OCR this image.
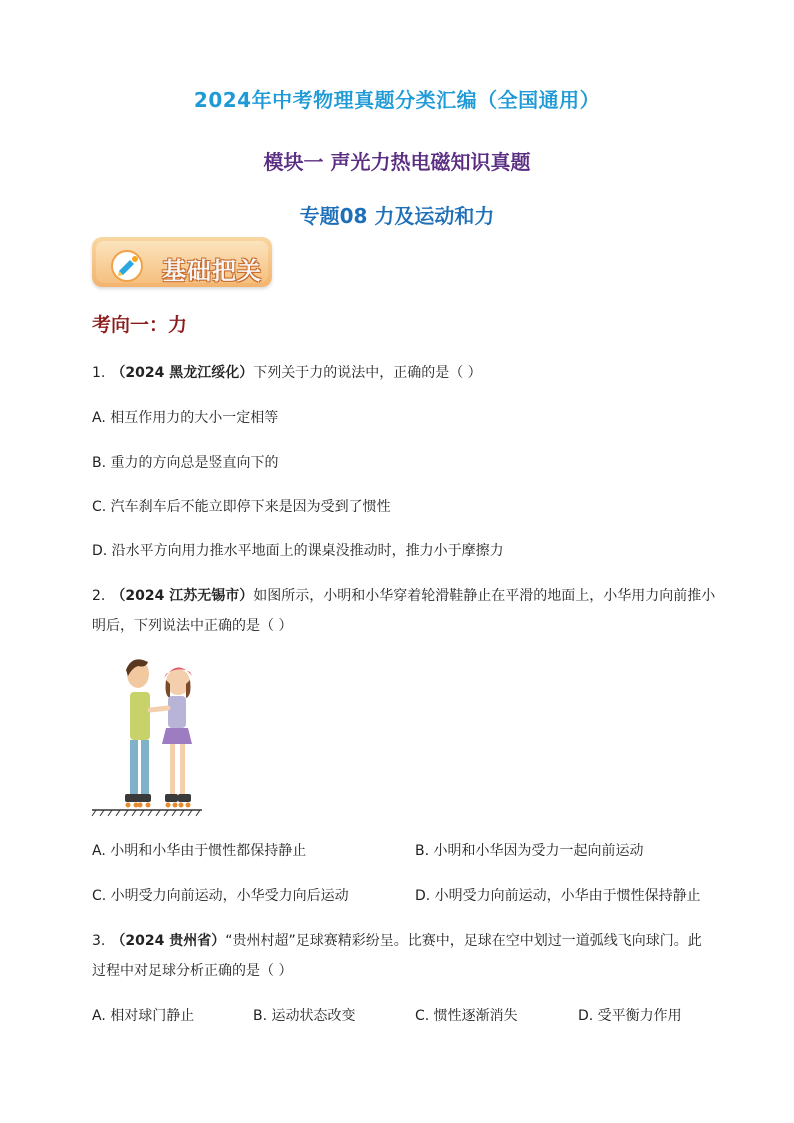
2024年中考物理真题分类汇编（全国通用）
模块一 声光力热电磁知识真题
专题08 力及运动和力
基础把关
考向一：力
1. （2024 黑龙江绥化）下列关于力的说法中，正确的是（ ）
A. 相互作用力的大小一定相等
B. 重力的方向总是竖直向下的
C. 汽车刹车后不能立即停下来是因为受到了惯性
D. 沿水平方向用力推水平地面上的课桌没推动时，推力小于摩擦力
2. （2024 江苏无锡市）如图所示，小明和小华穿着轮滑鞋静止在平滑的地面上，小华用力向前推小
明后，下列说法中正确的是（ ）
A. 小明和小华由于惯性都保持静止	B. 小明和小华因为受力一起向前运动
C. 小明受力向前运动，小华受力向后运动	D. 小明受力向前运动，小华由于惯性保持静止
3. （2024 贵州省）“贵州村超”足球赛精彩纷呈。比赛中，足球在空中划过一道弧线飞向球门。此
过程中对足球分析正确的是（ ）
A. 相对球门静止	B. 运动状态改变	C. 惯性逐渐消失	D. 受平衡力作用
